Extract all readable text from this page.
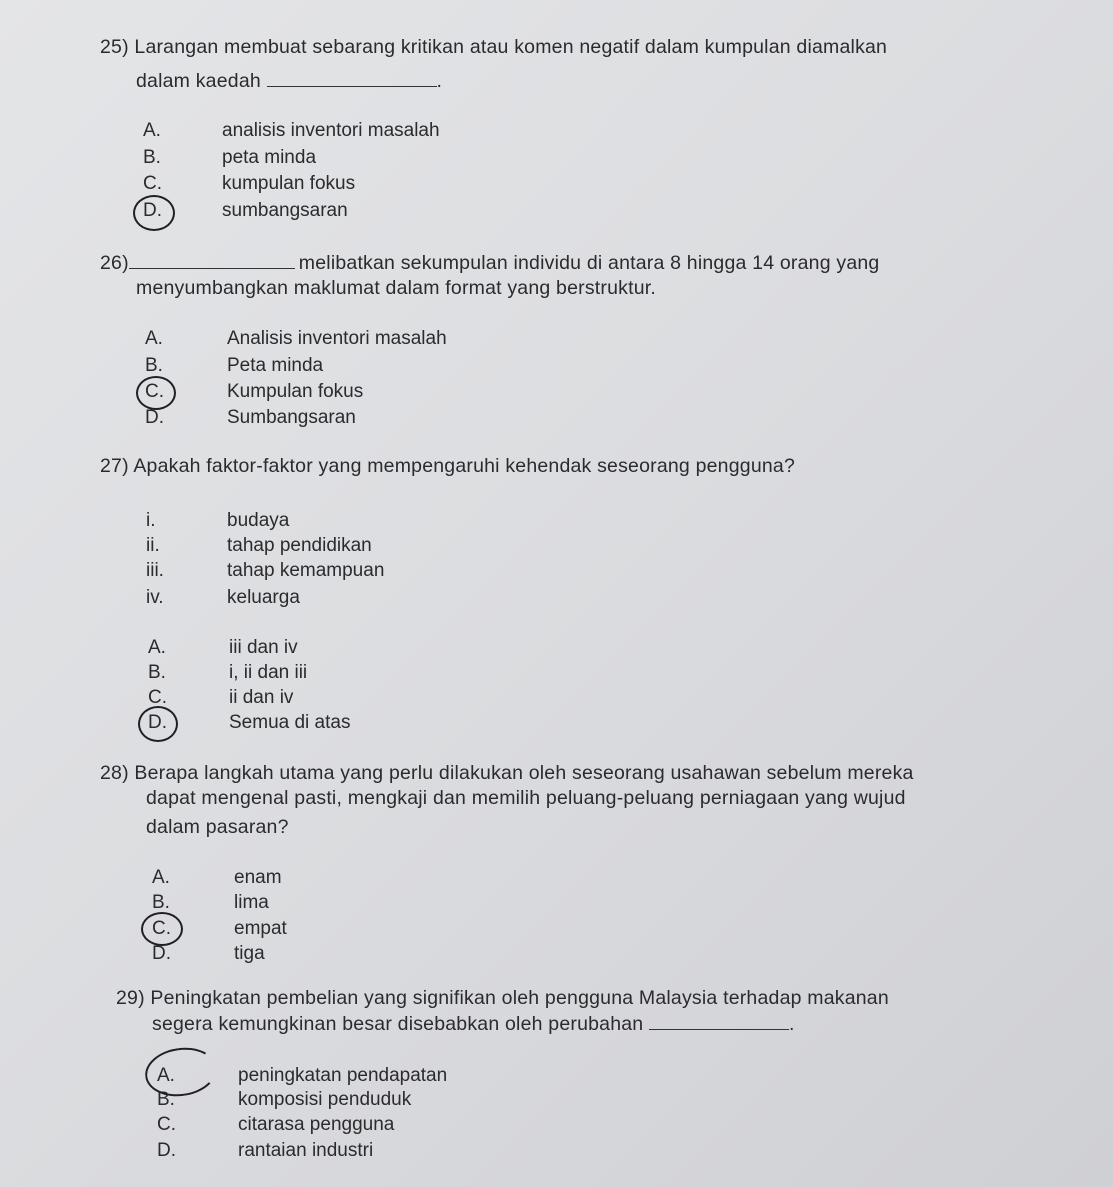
25) Larangan membuat sebarang kritikan atau komen negatif dalam kumpulan diamalkan
dalam kaedah	.
A.	analisis inventori masalah
B.	peta minda
C.	kumpulan fokus
D.	sumbangsaran
26)	melibatkan sekumpulan individu di antara 8 hingga 14 orang yang
menyumbangkan maklumat dalam format yang berstruktur.
A.	Analisis inventori masalah
B.	Peta minda
C.	Kumpulan fokus
D.	Sumbangsaran
27) Apakah faktor-faktor yang mempengaruhi kehendak seseorang pengguna?
i.	budaya
ii.	tahap pendidikan
iii.	tahap kemampuan
iv.	keluarga
A.	iii dan iv
B.	i, ii dan iii
C.	ii dan iv
D.	Semua di atas
28) Berapa langkah utama yang perlu dilakukan oleh seseorang usahawan sebelum mereka
dapat mengenal pasti, mengkaji dan memilih peluang-peluang perniagaan yang wujud
dalam pasaran?
A.	enam
B.	lima
C.	empat
D.	tiga
29) Peningkatan pembelian yang signifikan oleh pengguna Malaysia terhadap makanan
segera kemungkinan besar disebabkan oleh perubahan	.
A.	peningkatan pendapatan
B.	komposisi penduduk
C.	citarasa pengguna
D.	rantaian industri
